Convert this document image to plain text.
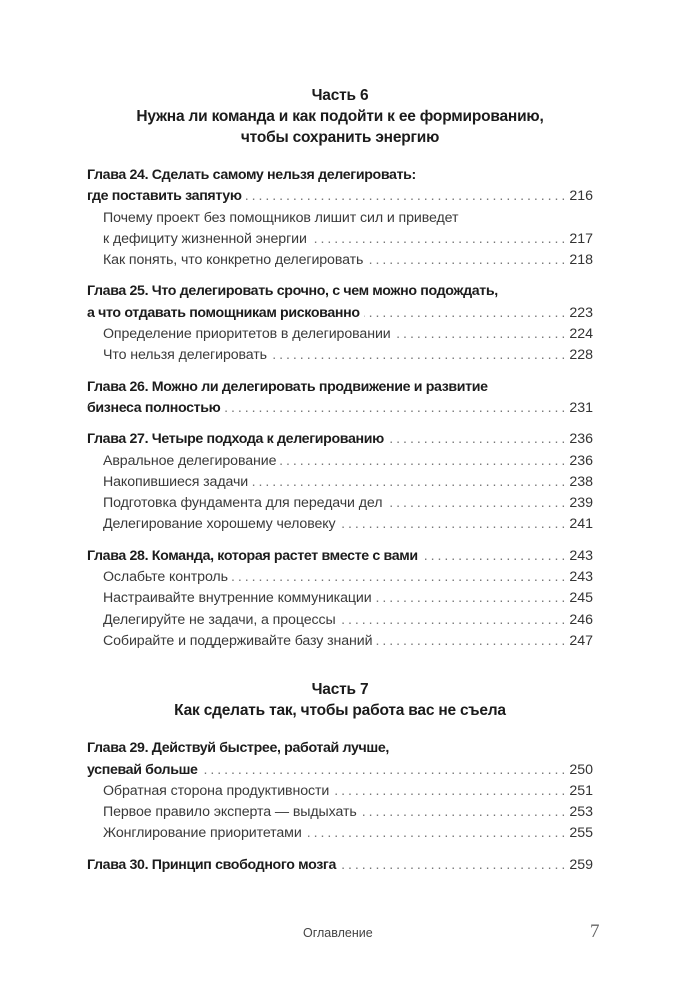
Часть 6
Нужна ли команда и как подойти к ее формированию,
чтобы сохранить энергию
Глава 24. Сделать самому нельзя делегировать:
где поставить запятую . . .	216
Почему проект без помощников лишит сил и приведет
к дефициту жизненной энергии . . .	217
Как понять, что конкретно делегировать . . .	218
Глава 25. Что делегировать срочно, с чем можно подождать,
а что отдавать помощникам рискованно . . .	223
Определение приоритетов в делегировании . . .	224
Что нельзя делегировать . . .	228
Глава 26. Можно ли делегировать продвижение и развитие
бизнеса полностью . . .	231
Глава 27. Четыре подхода к делегированию . . .	236
Авральное делегирование . . .	236
Накопившиеся задачи . . .	238
Подготовка фундамента для передачи дел . . .	239
Делегирование хорошему человеку . . .	241
Глава 28. Команда, которая растет вместе с вами . . .	243
Ослабьте контроль . . .	243
Настраивайте внутренние коммуникации . . .	245
Делегируйте не задачи, а процессы . . .	246
Собирайте и поддерживайте базу знаний . . .	247
Часть 7
Как сделать так, чтобы работа вас не съела
Глава 29. Действуй быстрее, работай лучше,
успевай больше . . .	250
Обратная сторона продуктивности . . .	251
Первое правило эксперта — выдыхать . . .	253
Жонглирование приоритетами . . .	255
Глава 30. Принцип свободного мозга . . .	259
Оглавление	7
